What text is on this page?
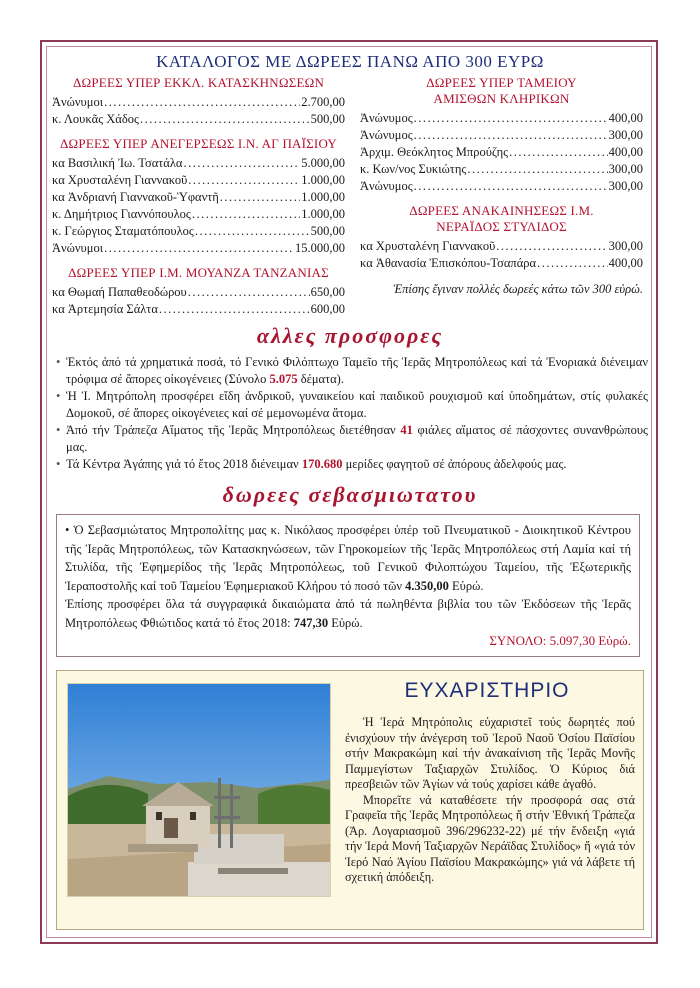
ΚΑΤΑΛΟΓΟΣ ΜΕ ΔΩΡΕΕΣ ΠΑΝΩ ΑΠΟ 300 ΕΥΡΩ
ΔΩΡΕΕΣ ΥΠΕΡ ΕΚΚΛ. ΚΑΤΑΣΚΗΝΩΣΕΩΝ
Ἀνώνυμοι .....	2.700,00
κ. Λουκᾶς Χάδος .....	500,00
ΔΩΡΕΕΣ ΥΠΕΡ ΑΝΕΓΕΡΣΕΩΣ Ι.Ν. ΑΓ ΠΑΪΣΙΟΥ
κα Βασιλική Ἰω. Τσατάλα .....	5.000,00
κα Χρυσταλένη Γιαννακοῦ .....	1.000,00
κα Ἀνδριανή Γιαννακοῦ-Ὑφαντῆ .....	1.000,00
κ. Δημήτριος Γιαννόπουλος .....	1.000,00
κ. Γεώργιος Σταματόπουλος .....	500,00
Ἀνώνυμοι .....	15.000,00
ΔΩΡΕΕΣ ΥΠΕΡ Ι.Μ. ΜΟΥΑΝΖΑ ΤΑΝΖΑΝΙΑΣ
κα Θωμαή Παπαθεοδώρου .....	650,00
κα Ἀρτεμησία Σάλτα .....	600,00
ΔΩΡΕΕΣ ΥΠΕΡ ΤΑΜΕΙΟΥ ΑΜΙΣΘΩΝ ΚΛΗΡΙΚΩΝ
Ἀνώνυμος .....	400,00
Ἀνώνυμος .....	300,00
Ἀρχιμ. Θεόκλητος Μπρούζης .....	400,00
κ. Κων/νος Συκιώτης .....	300,00
Ἀνώνυμος .....	300,00
ΔΩΡΕΕΣ ΑΝΑΚΑΙΝΗΣΕΩΣ Ι.Μ. ΝΕΡΑΪΔΟΣ ΣΤΥΛΙΔΟΣ
κα Χρυσταλένη Γιαννακοῦ .....	300,00
κα Ἀθανασία Ἐπισκόπου-Τσαπάρα .....	400,00
Ἐπίσης ἔγιναν πολλές δωρεές κάτω τῶν 300 εὐρώ.
αλλες προσφορες
• Ἐκτός ἀπό τά χρηματικά ποσά, τό Γενικό Φιλόπτωχο Ταμεῖο τῆς Ἱερᾶς Μητροπόλεως καί τά Ἐνοριακά διένειμαν τρόφιμα σέ ἄπορες οἰκογένειες (Σύνολο 5.075 δέματα).
• Ἡ Ἱ. Μητρόπολη προσφέρει εἴδη ἀνδρικοῦ, γυναικείου καί παιδικοῦ ρουχισμοῦ καί ὑποδημάτων, στίς φυλακές Δομοκοῦ, σέ ἄπορες οἰκογένειες καί σέ μεμονωμένα ἄτομα.
• Ἀπό τήν Τράπεζα Αἵματος τῆς Ἱερᾶς Μητροπόλεως διετέθησαν 41 φιάλες αἵματος σέ πάσχοντες συνανθρώπους μας.
• Τά Κέντρα Ἀγάπης γιά τό ἔτος 2018 διένειμαν 170.680 μερίδες φαγητοῦ σέ ἀπόρους ἀδελφούς μας.
δωρεες σεβασμιωτατου
• Ὁ Σεβασμιώτατος Μητροπολίτης μας κ. Νικόλαος προσφέρει ὑπέρ τοῦ Πνευματικοῦ - Διοικητικοῦ Κέντρου τῆς Ἱερᾶς Μητροπόλεως, τῶν Κατασκηνώσεων, τῶν Γηροκομείων τῆς Ἱερᾶς Μητροπόλεως στή Λαμία καί τή Στυλίδα, τῆς Ἐφημερίδος τῆς Ἱερᾶς Μητροπόλεως, τοῦ Γενικοῦ Φιλοπτώχου Ταμείου, τῆς Ἐξωτερικῆς Ἱεραποστολῆς καί τοῦ Ταμείου Ἐφημεριακοῦ Κλήρου τό ποσό τῶν 4.350,00 Εὐρώ.
Ἐπίσης προσφέρει ὅλα τά συγγραφικά δικαιώματα ἀπό τά πωληθέντα βιβλία του τῶν Ἐκδόσεων τῆς Ἱερᾶς Μητροπόλεως Φθιώτιδος κατά τό ἔτος 2018: 747,30 Εὐρώ.
ΣΥΝΟΛΟ: 5.097,30 Εὐρώ.
ΕΥΧΑΡΙΣΤΗΡΙΟ

Ἡ Ἱερά Μητρόπολις εὐχαριστεῖ τούς δωρητές πού ἐνισχύουν τήν ἀνέγερση τοῦ Ἱεροῦ Ναοῦ Ὁσίου Παϊσίου στήν Μακρακώμη καί τήν ἀνακαίνιση τῆς Ἱερᾶς Μονῆς Παμμεγίστων Ταξιαρχῶν Στυλίδος. Ὁ Κύριος διά πρεσβειῶν τῶν Ἁγίων νά τούς χαρίσει κάθε ἀγαθό.

Μπορεῖτε νά καταθέσετε τήν προσφορά σας στά Γραφεῖα τῆς Ἱερᾶς Μητροπόλεως ἤ στήν Ἐθνική Τράπεζα (Ἀρ. Λογαριασμοῦ 396/296232-22) μέ τήν ἔνδειξη «γιά τήν Ἱερά Μονή Ταξιαρχῶν Νεράϊδας Στυλίδος» ἤ «γιά τόν Ἱερό Ναό Ἁγίου Παϊσίου Μακρακώμης» γιά νά λάβετε τή σχετική ἀπόδειξη.
